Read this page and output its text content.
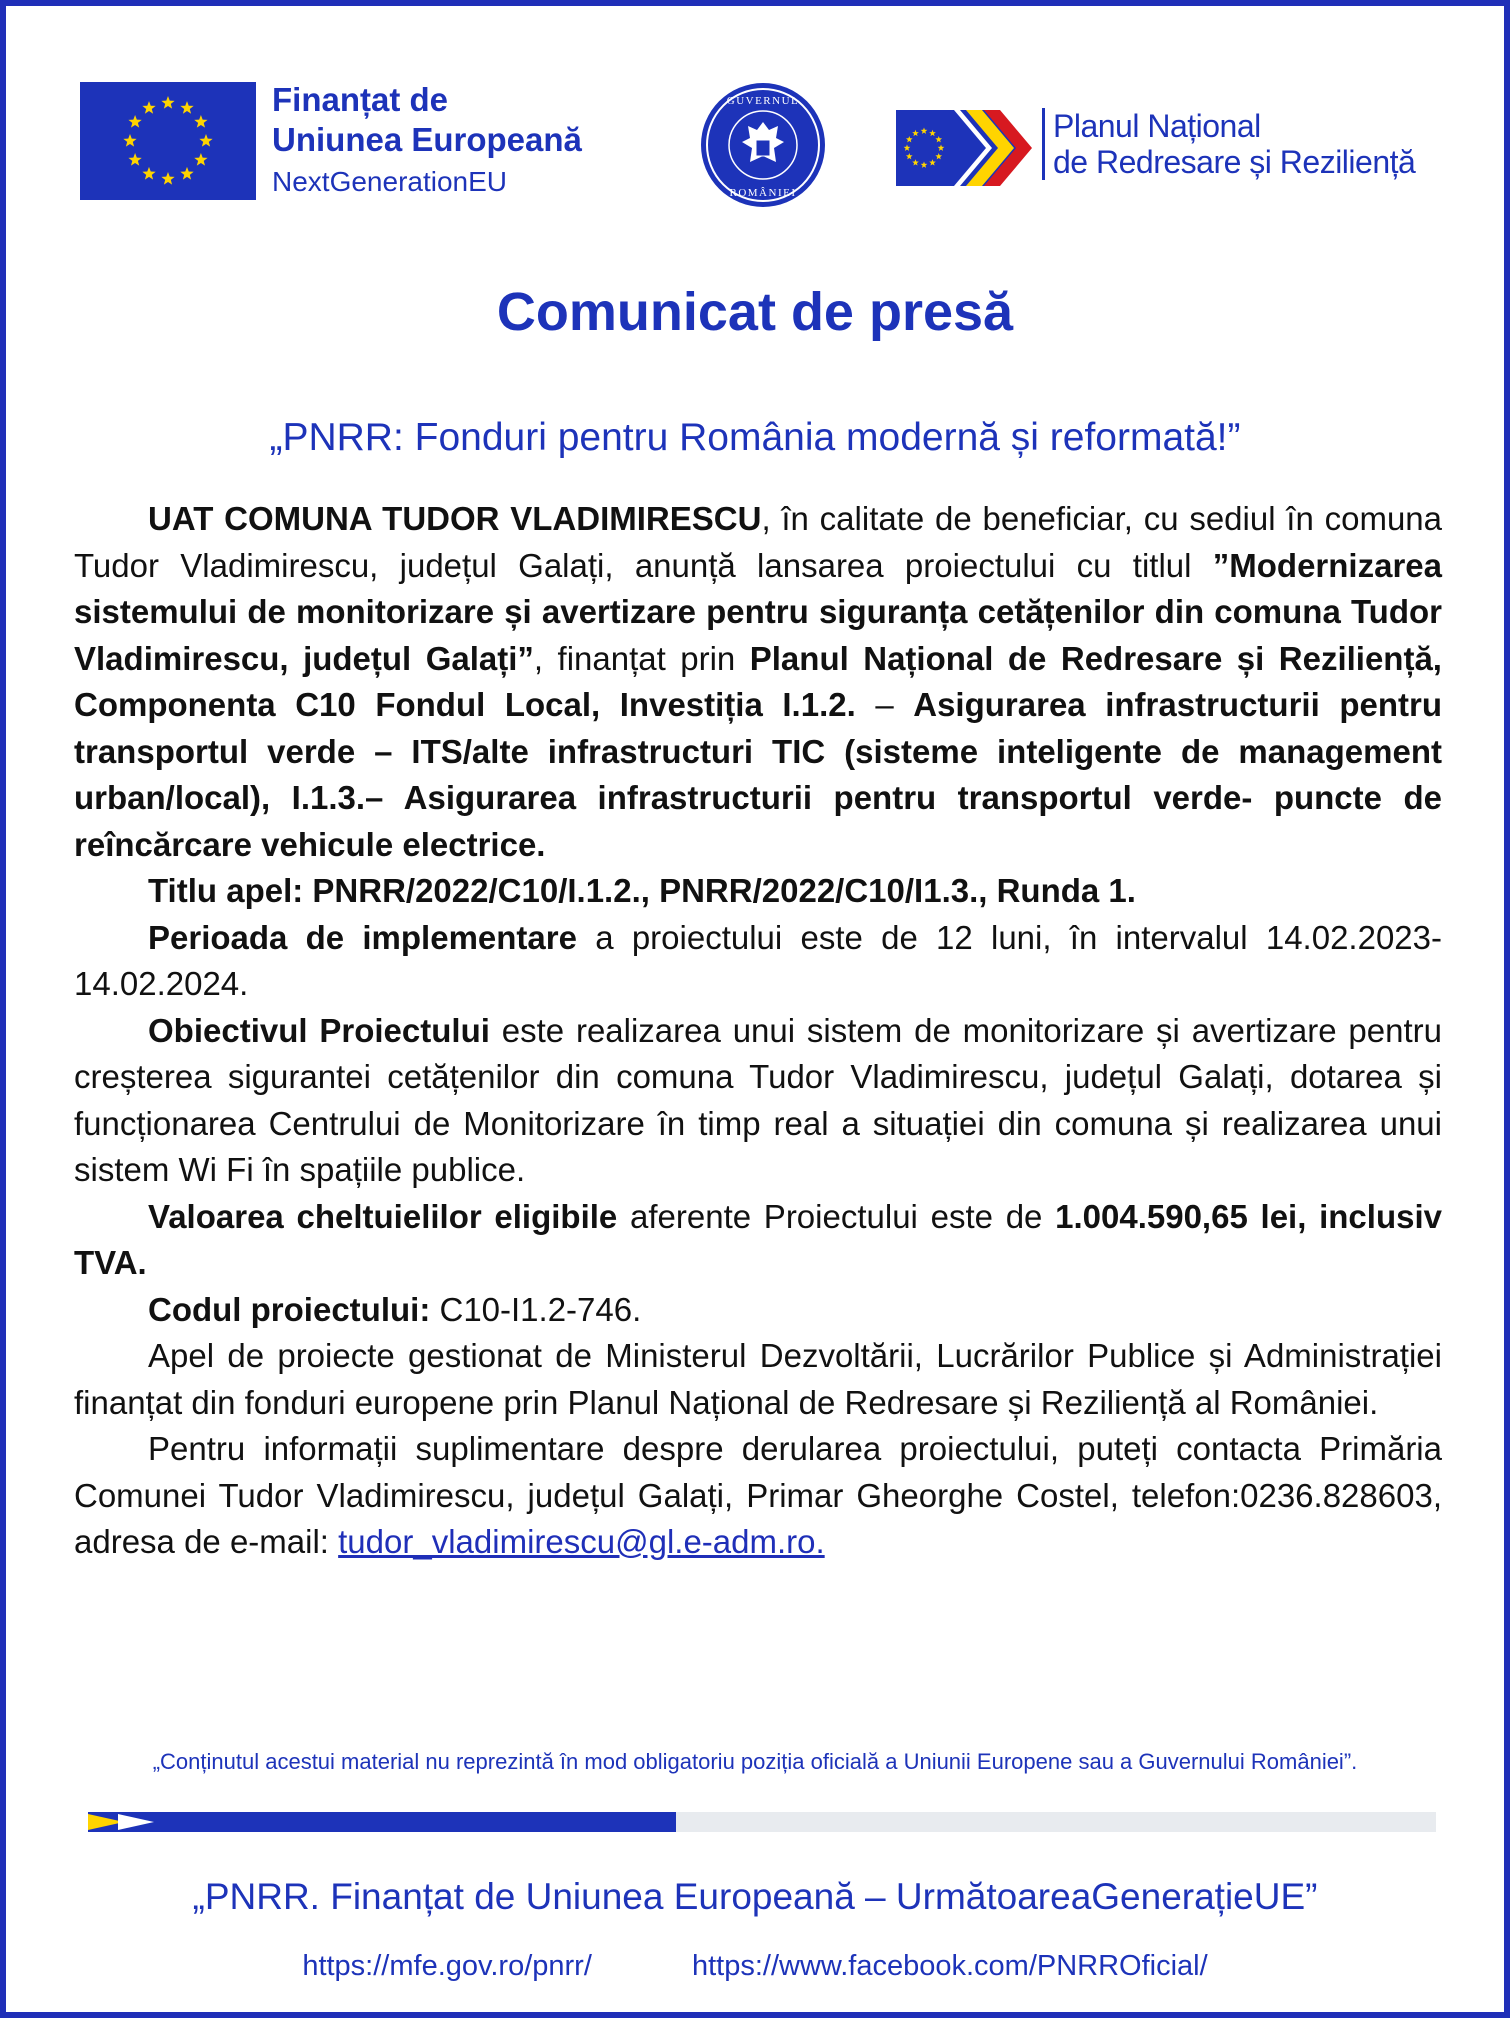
Finanțat de
Uniunea Europeană
NextGenerationEU
GUVERNUL
ROMÂNIEI
Planul Național
de Redresare și Reziliență
Comunicat de presă
„PNRR: Fonduri pentru România modernă și reformată!”

UAT COMUNA TUDOR VLADIMIRESCU, în calitate de beneficiar, cu sediul în comuna Tudor Vladimirescu, județul Galați, anunță lansarea proiectului cu titlul ”Modernizarea sistemului de monitorizare și avertizare pentru siguranța cetățenilor din comuna Tudor Vladimirescu, județul Galați”, finanțat prin Planul Național de Redresare și Reziliență, Componenta C10 Fondul Local, Investiția I.1.2. – Asigurarea infrastructurii pentru transportul verde – ITS/alte infrastructuri TIC (sisteme inteligente de management urban/local), I.1.3.– Asigurarea infrastructurii pentru transportul verde- puncte de reîncărcare vehicule electrice.

Titlu apel: PNRR/2022/C10/I.1.2., PNRR/2022/C10/I1.3., Runda 1.

Perioada de implementare a proiectului este de 12 luni, în intervalul 14.02.2023-14.02.2024.

Obiectivul Proiectului este realizarea unui sistem de monitorizare și avertizare pentru creșterea sigurantei cetățenilor din comuna Tudor Vladimirescu, județul Galați, dotarea și funcționarea Centrului de Monitorizare în timp real a situației din comuna și realizarea unui sistem Wi Fi în spațiile publice.

Valoarea cheltuielilor eligibile aferente Proiectului este de 1.004.590,65 lei, inclusiv TVA.

Codul proiectului: C10-I1.2-746.

Apel de proiecte gestionat de Ministerul Dezvoltării, Lucrărilor Publice și Administrației finanțat din fonduri europene prin Planul Național de Redresare și Reziliență al României.

Pentru informații suplimentare despre derularea proiectului, puteți contacta Primăria Comunei Tudor Vladimirescu, județul Galați, Primar Gheorghe Costel, telefon:0236.828603, adresa de e-mail: tudor_vladimirescu@gl.e-adm.ro.

„Conținutul acestui material nu reprezintă în mod obligatoriu poziția oficială a Uniunii Europene sau a Guvernului României”.
„PNRR. Finanțat de Uniunea Europeană – UrmătoareaGenerațieUE”
https://mfe.gov.ro/pnrr/	https://www.facebook.com/PNRROficial/
